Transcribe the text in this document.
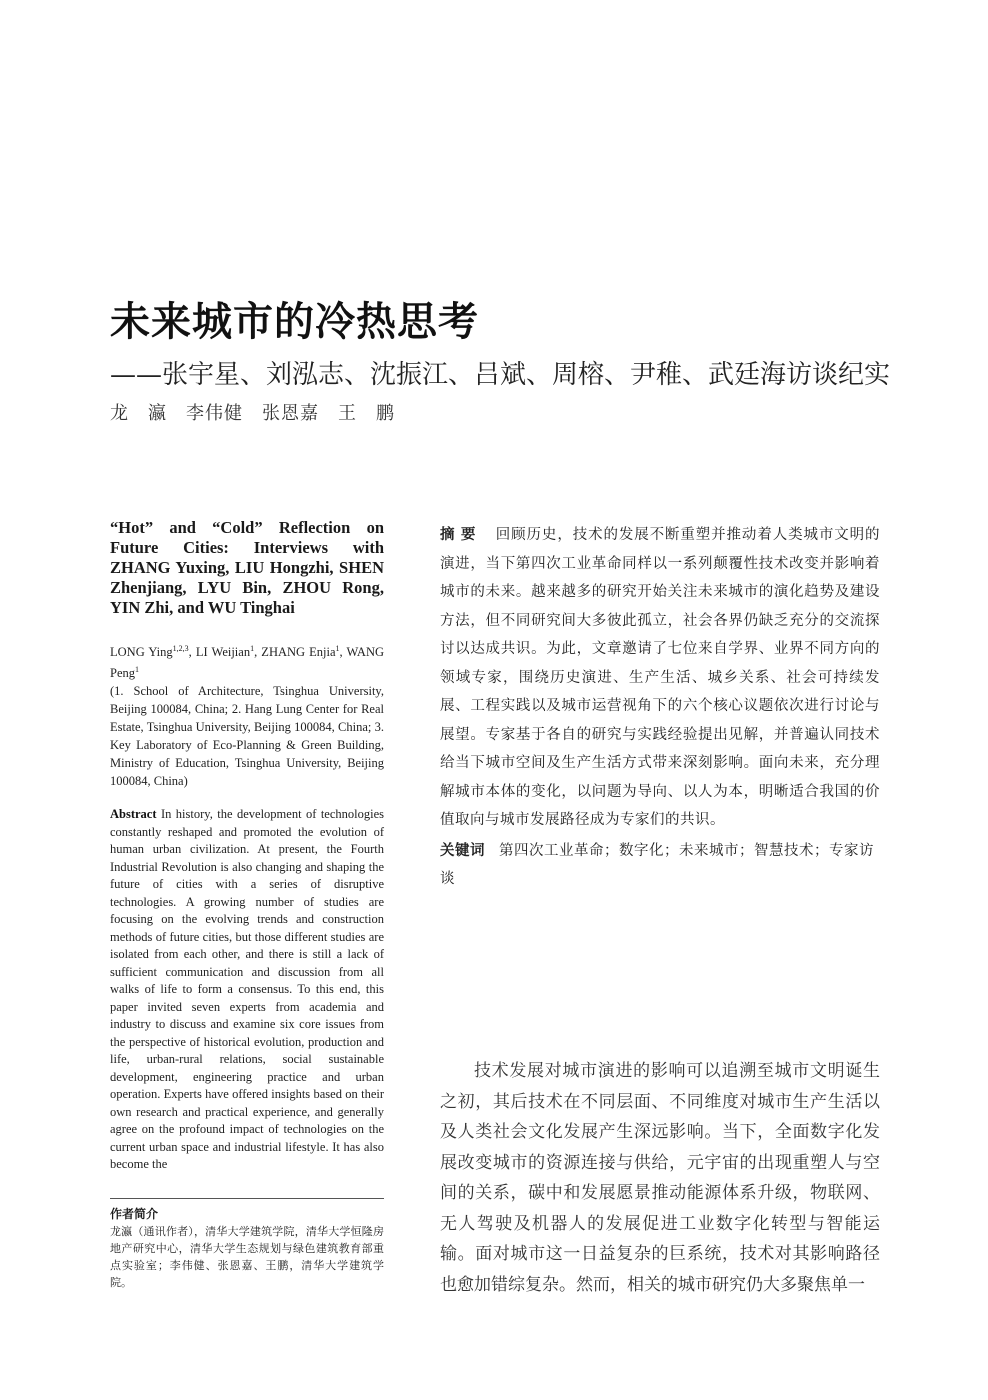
未来城市的冷热思考
——张宇星、刘泓志、沈振江、吕斌、周榕、尹稚、武廷海访谈纪实
龙　瀛　李伟健　张恩嘉　王　鹏

“Hot” and “Cold” Reflection on Future Cities: Interviews with ZHANG Yuxing, LIU Hongzhi, SHEN Zhenjiang, LYU Bin, ZHOU Rong, YIN Zhi, and WU Tinghai

LONG Ying$^{1,2,3}$, LI Weijian$^1$, ZHANG Enjia$^1$, WANG Peng$^1$
(1. School of Architecture, Tsinghua University, Beijing 100084, China; 2. Hang Lung Center for Real Estate, Tsinghua University, Beijing 100084, China; 3. Key Laboratory of Eco-Planning & Green Building, Ministry of Education, Tsinghua University, Beijing 100084, China)
Abstract In history, the development of technologies constantly reshaped and promoted the evolution of human urban civilization. At present, the Fourth Industrial Revolution is also changing and shaping the future of cities with a series of disruptive technologies. A growing number of studies are focusing on the evolving trends and construction methods of future cities, but those different studies are isolated from each other, and there is still a lack of sufficient communication and discussion from all walks of life to form a consensus. To this end, this paper invited seven experts from academia and industry to discuss and examine six core issues from the perspective of historical evolution, production and life, urban-rural relations, social sustainable development, engineering practice and urban operation. Experts have offered insights based on their own research and practical experience, and generally agree on the profound impact of technologies on the current urban space and industrial lifestyle. It has also become the
作者简介
龙瀛（通讯作者），清华大学建筑学院，清华大学恒隆房地产研究中心，清华大学生态规划与绿色建筑教育部重点实验室；李伟健、张恩嘉、王鹏，清华大学建筑学院。
摘要 回顾历史，技术的发展不断重塑并推动着人类城市文明的演进，当下第四次工业革命同样以一系列颠覆性技术改变并影响着城市的未来。越来越多的研究开始关注未来城市的演化趋势及建设方法，但不同研究间大多彼此孤立，社会各界仍缺乏充分的交流探讨以达成共识。为此，文章邀请了七位来自学界、业界不同方向的领域专家，围绕历史演进、生产生活、城乡关系、社会可持续发展、工程实践以及城市运营视角下的六个核心议题依次进行讨论与展望。专家基于各自的研究与实践经验提出见解，并普遍认同技术给当下城市空间及生产生活方式带来深刻影响。面向未来，充分理解城市本体的变化，以问题为导向、以人为本，明晰适合我国的价值取向与城市发展路径成为专家们的共识。
关键词 第四次工业革命；数字化；未来城市；智慧技术；专家访谈
技术发展对城市演进的影响可以追溯至城市文明诞生之初，其后技术在不同层面、不同维度对城市生产生活以及人类社会文化发展产生深远影响。当下，全面数字化发展改变城市的资源连接与供给，元宇宙的出现重塑人与空间的关系，碳中和发展愿景推动能源体系升级，物联网、无人驾驶及机器人的发展促进工业数字化转型与智能运输。面对城市这一日益复杂的巨系统，技术对其影响路径也愈加错综复杂。然而，相关的城市研究仍大多聚焦单一
